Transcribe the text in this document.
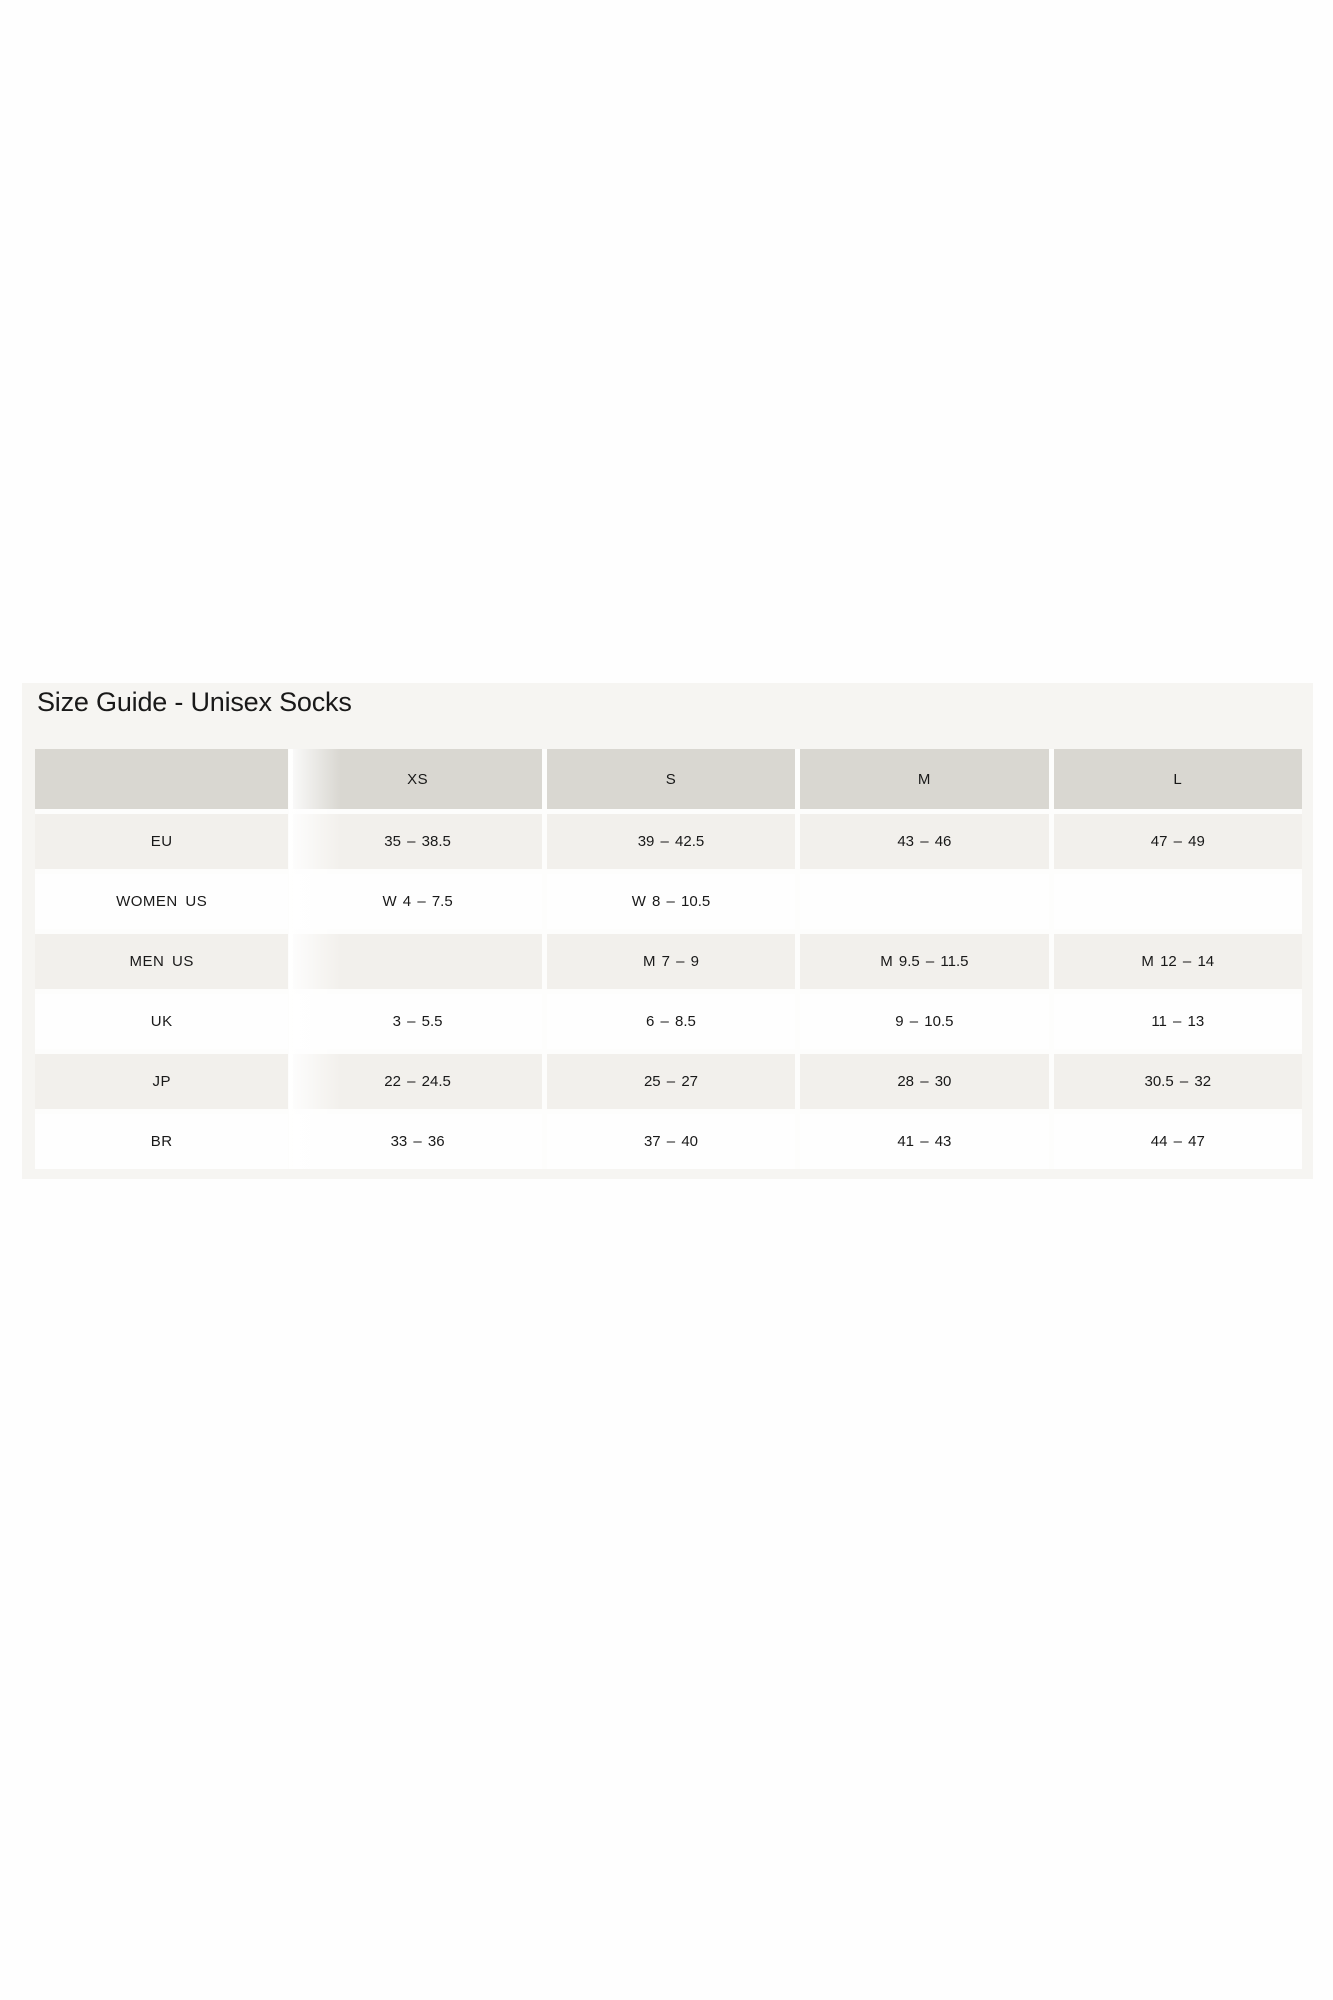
Size Guide - Unisex Socks
	XS	S	M	L
EU	35 – 38.5	39 – 42.5	43 – 46	47 – 49
WOMEN US	W 4 – 7.5	W 8 – 10.5		
MEN US		M 7 – 9	M 9.5 – 11.5	M 12 – 14
UK	3 – 5.5	6 – 8.5	9 – 10.5	11 – 13
JP	22 – 24.5	25 – 27	28 – 30	30.5 – 32
BR	33 – 36	37 – 40	41 – 43	44 – 47
